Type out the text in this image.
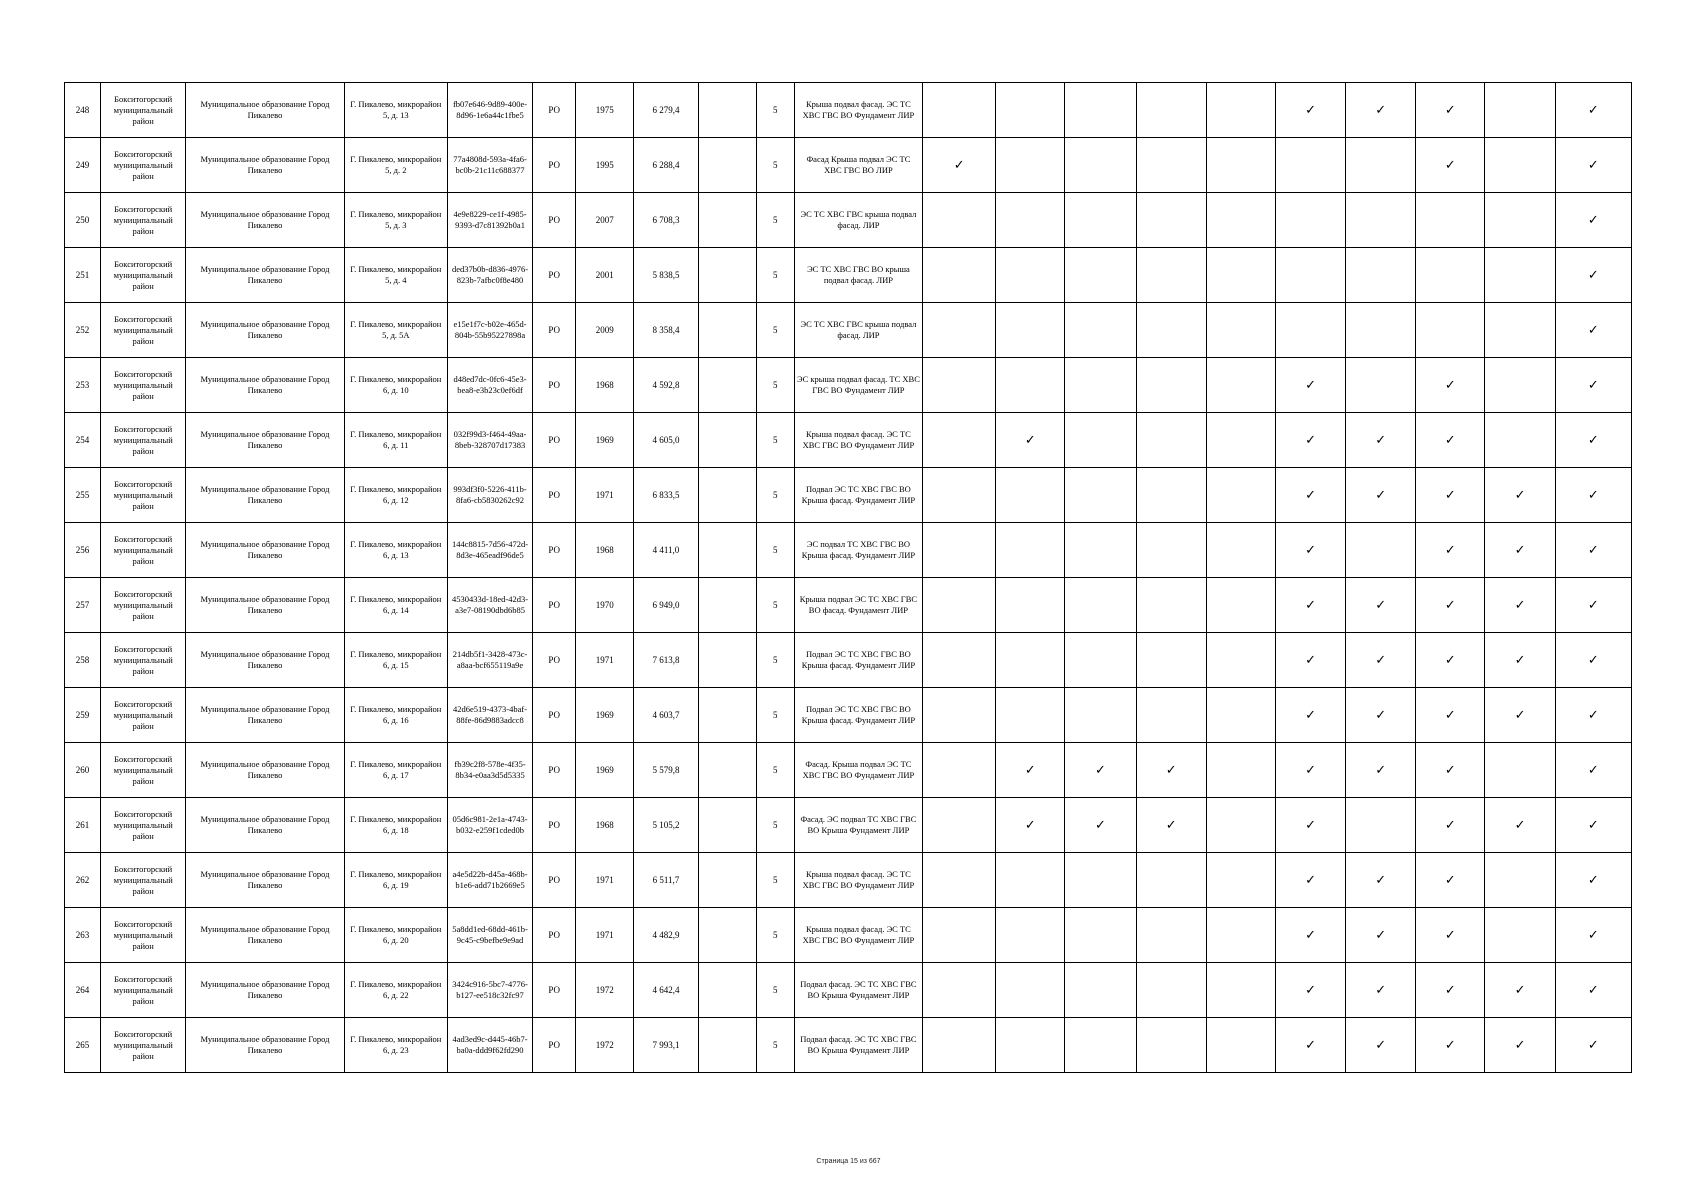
248	Бокситогорский муниципальный район	Муниципальное образование Город Пикалево	Г. Пикалево, микрорайон 5, д. 13	fb07e646-9d89-400e-8d96-1e6a44c1fbe5	РО	1975	6 279,4		5	Крыша подвал фасад. ЭС ТС ХВС ГВС ВО Фундамент ЛИР						✓	✓	✓		✓
249	Бокситогорский муниципальный район	Муниципальное образование Город Пикалево	Г. Пикалево, микрорайон 5, д. 2	77a4808d-593a-4fa6-bc0b-21c11c688377	РО	1995	6 288,4		5	Фасад Крыша подвал ЭС ТС ХВС ГВС ВО ЛИР	✓							✓		✓
250	Бокситогорский муниципальный район	Муниципальное образование Город Пикалево	Г. Пикалево, микрорайон 5, д. 3	4e9e8229-ce1f-4985-9393-d7c81392b0a1	РО	2007	6 708,3		5	ЭС ТС ХВС ГВС крыша подвал фасад. ЛИР										✓
251	Бокситогорский муниципальный район	Муниципальное образование Город Пикалево	Г. Пикалево, микрорайон 5, д. 4	ded37b0b-d836-4976-823b-7afbc0f8e480	РО	2001	5 838,5		5	ЭС ТС ХВС ГВС ВО крыша подвал фасад. ЛИР										✓
252	Бокситогорский муниципальный район	Муниципальное образование Город Пикалево	Г. Пикалево, микрорайон 5, д. 5А	e15e1f7c-b02e-465d-804b-55b95227898a	РО	2009	8 358,4		5	ЭС ТС ХВС ГВС крыша подвал фасад. ЛИР										✓
253	Бокситогорский муниципальный район	Муниципальное образование Город Пикалево	Г. Пикалево, микрорайон 6, д. 10	d48ed7dc-0fc6-45e3-bea8-e3b23c0ef6df	РО	1968	4 592,8		5	ЭС крыша подвал фасад. ТС ХВС ГВС ВО Фундамент ЛИР						✓		✓		✓
254	Бокситогорский муниципальный район	Муниципальное образование Город Пикалево	Г. Пикалево, микрорайон 6, д. 11	032f99d3-f464-49aa-8beb-328707d17383	РО	1969	4 605,0		5	Крыша подвал фасад. ЭС ТС ХВС ГВС ВО Фундамент ЛИР		✓				✓	✓	✓		✓
255	Бокситогорский муниципальный район	Муниципальное образование Город Пикалево	Г. Пикалево, микрорайон 6, д. 12	993df3f0-5226-411b-8fa6-cb5830262c92	РО	1971	6 833,5		5	Подвал ЭС ТС ХВС ГВС ВО Крыша фасад. Фундамент ЛИР						✓	✓	✓	✓	✓
256	Бокситогорский муниципальный район	Муниципальное образование Город Пикалево	Г. Пикалево, микрорайон 6, д. 13	144c8815-7d56-472d-8d3e-465eadf96de5	РО	1968	4 411,0		5	ЭС подвал ТС ХВС ГВС ВО Крыша фасад. Фундамент ЛИР						✓		✓	✓	✓
257	Бокситогорский муниципальный район	Муниципальное образование Город Пикалево	Г. Пикалево, микрорайон 6, д. 14	4530433d-18ed-42d3-a3e7-08190dbd6b85	РО	1970	6 949,0		5	Крыша подвал ЭС ТС ХВС ГВС ВО фасад. Фундамент ЛИР						✓	✓	✓	✓	✓
258	Бокситогорский муниципальный район	Муниципальное образование Город Пикалево	Г. Пикалево, микрорайон 6, д. 15	214db5f1-3428-473c-a8aa-bcf655119a9e	РО	1971	7 613,8		5	Подвал ЭС ТС ХВС ГВС ВО Крыша фасад. Фундамент ЛИР						✓	✓	✓	✓	✓
259	Бокситогорский муниципальный район	Муниципальное образование Город Пикалево	Г. Пикалево, микрорайон 6, д. 16	42d6e519-4373-4baf-88fe-86d9883adcc8	РО	1969	4 603,7		5	Подвал ЭС ТС ХВС ГВС ВО Крыша фасад. Фундамент ЛИР						✓	✓	✓	✓	✓
260	Бокситогорский муниципальный район	Муниципальное образование Город Пикалево	Г. Пикалево, микрорайон 6, д. 17	fb39c2f8-578e-4f35-8b34-e0aa3d5d5335	РО	1969	5 579,8		5	Фасад. Крыша подвал ЭС ТС ХВС ГВС ВО Фундамент ЛИР		✓	✓	✓		✓	✓	✓		✓
261	Бокситогорский муниципальный район	Муниципальное образование Город Пикалево	Г. Пикалево, микрорайон 6, д. 18	05d6c981-2e1a-4743-b032-e259f1cded0b	РО	1968	5 105,2		5	Фасад. ЭС подвал ТС ХВС ГВС ВО Крыша Фундамент ЛИР		✓	✓	✓		✓		✓	✓	✓
262	Бокситогорский муниципальный район	Муниципальное образование Город Пикалево	Г. Пикалево, микрорайон 6, д. 19	a4e5d22b-d45a-468b-b1e6-add71b2669e5	РО	1971	6 511,7		5	Крыша подвал фасад. ЭС ТС ХВС ГВС ВО Фундамент ЛИР						✓	✓	✓		✓
263	Бокситогорский муниципальный район	Муниципальное образование Город Пикалево	Г. Пикалево, микрорайон 6, д. 20	5a8dd1ed-68dd-461b-9c45-c9befbe9e9ad	РО	1971	4 482,9		5	Крыша подвал фасад. ЭС ТС ХВС ГВС ВО Фундамент ЛИР						✓	✓	✓		✓
264	Бокситогорский муниципальный район	Муниципальное образование Город Пикалево	Г. Пикалево, микрорайон 6, д. 22	3424c916-5bc7-4776-b127-ee518c32fc97	РО	1972	4 642,4		5	Подвал фасад. ЭС ТС ХВС ГВС ВО Крыша Фундамент ЛИР						✓	✓	✓	✓	✓
265	Бокситогорский муниципальный район	Муниципальное образование Город Пикалево	Г. Пикалево, микрорайон 6, д. 23	4ad3ed9c-d445-46b7-ba0a-ddd9f62fd290	РО	1972	7 993,1		5	Подвал фасад. ЭС ТС ХВС ГВС ВО Крыша Фундамент ЛИР						✓	✓	✓	✓	✓
Страница 15 из 667
